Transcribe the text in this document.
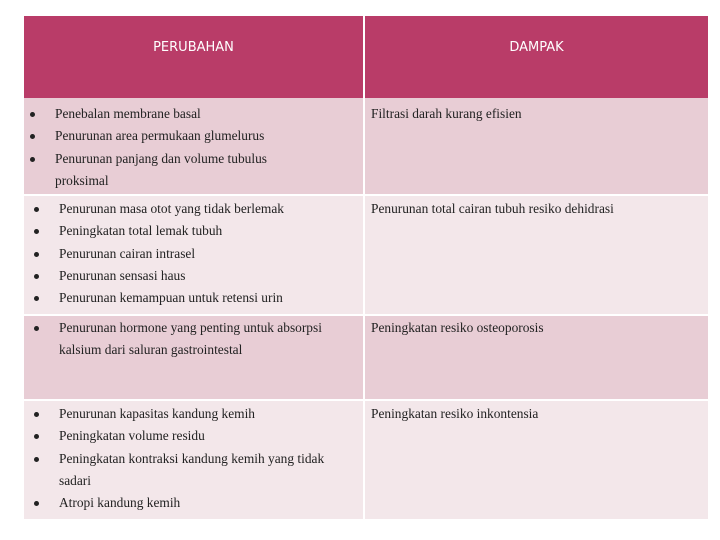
PERUBAHAN	DAMPAK
Penebalan membrane basal
Penurunan area permukaan glumelurus
Penurunan panjang dan volume tubulus proksimal
Filtrasi darah kurang efisien
Penurunan masa otot yang tidak berlemak
Peningkatan total lemak tubuh
Penurunan cairan intrasel
Penurunan sensasi haus
Penurunan kemampuan untuk retensi urin
Penurunan total cairan tubuh resiko dehidrasi
Penurunan hormone yang penting untuk absorpsi kalsium dari saluran gastrointestal
Peningkatan resiko osteoporosis
Penurunan kapasitas kandung kemih
Peningkatan volume residu
Peningkatan kontraksi kandung kemih yang tidak sadari
Atropi kandung kemih
Peningkatan resiko inkontensia
